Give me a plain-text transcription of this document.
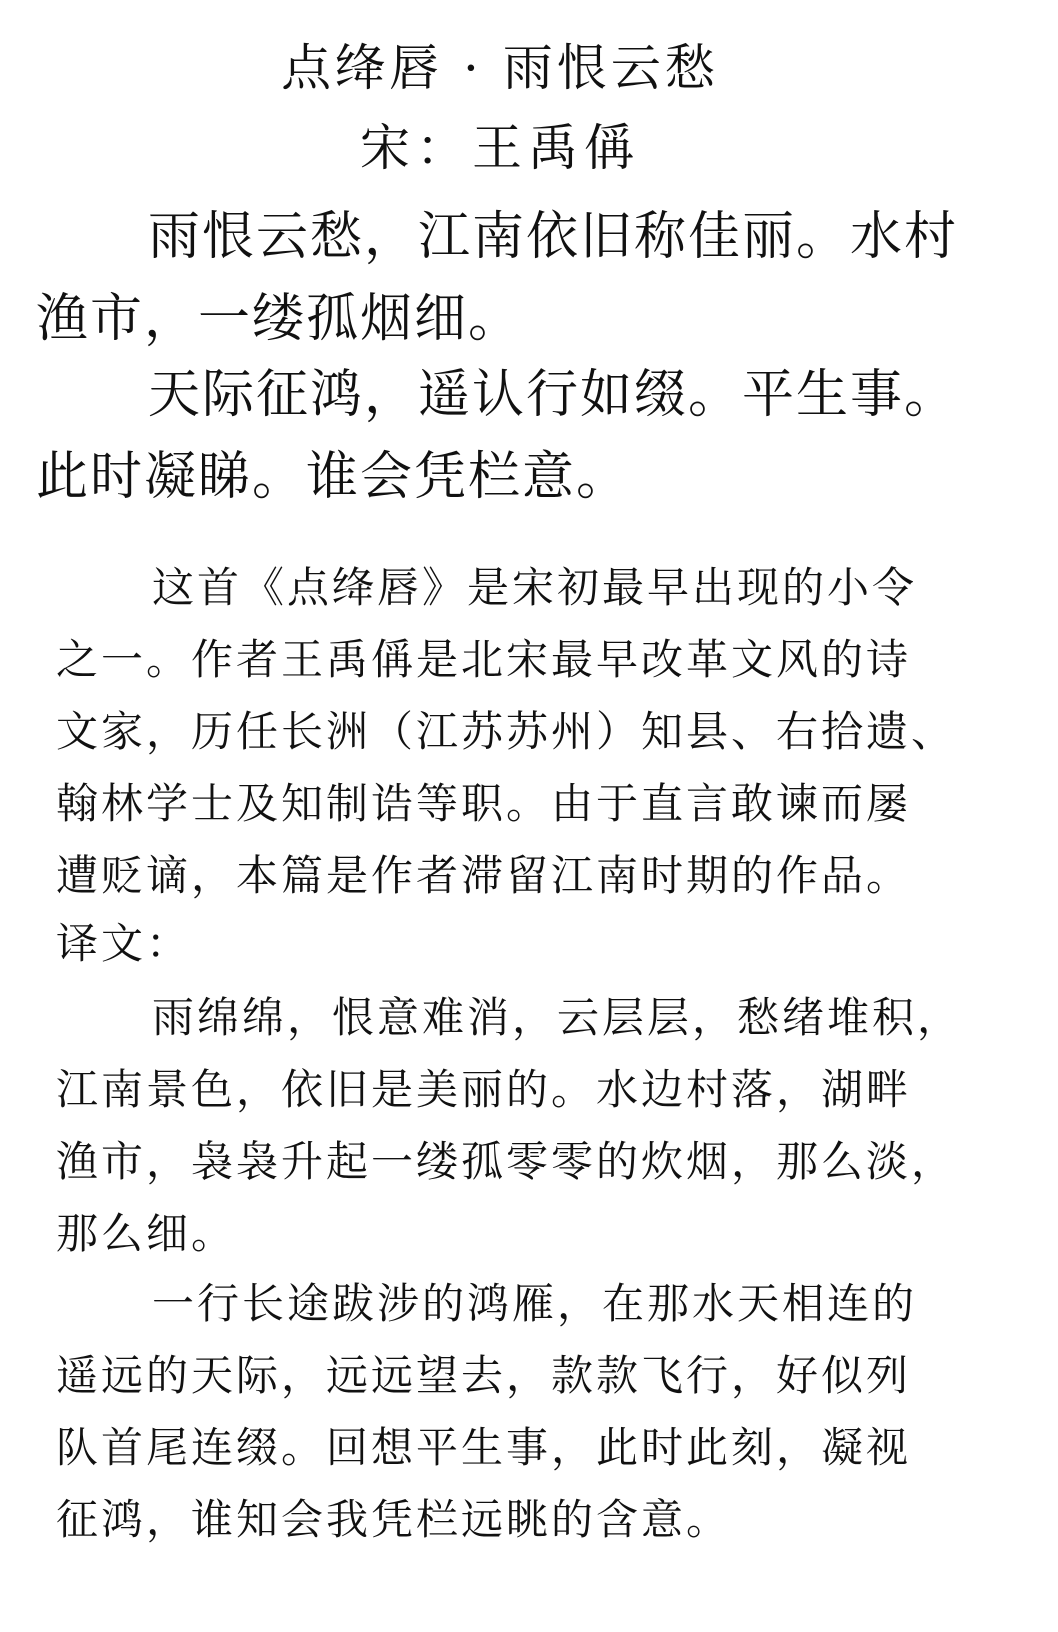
点绛唇 · 雨恨云愁
宋：王禹偁
雨恨云愁，江南依旧称佳丽。水村
渔市，一缕孤烟细。
天际征鸿，遥认行如缀。平生事。
此时凝睇。谁会凭栏意。
这首《点绛唇》是宋初最早出现的小令
之一。作者王禹偁是北宋最早改革文风的诗
文家，历任长洲（江苏苏州）知县、右拾遗、
翰林学士及知制诰等职。由于直言敢谏而屡
遭贬谪，本篇是作者滞留江南时期的作品。
译文：
雨绵绵，恨意难消，云层层，愁绪堆积，
江南景色，依旧是美丽的。水边村落，湖畔
渔市，袅袅升起一缕孤零零的炊烟，那么淡，
那么细。
一行长途跋涉的鸿雁，在那水天相连的
遥远的天际，远远望去，款款飞行，好似列
队首尾连缀。回想平生事，此时此刻，凝视
征鸿，谁知会我凭栏远眺的含意。
